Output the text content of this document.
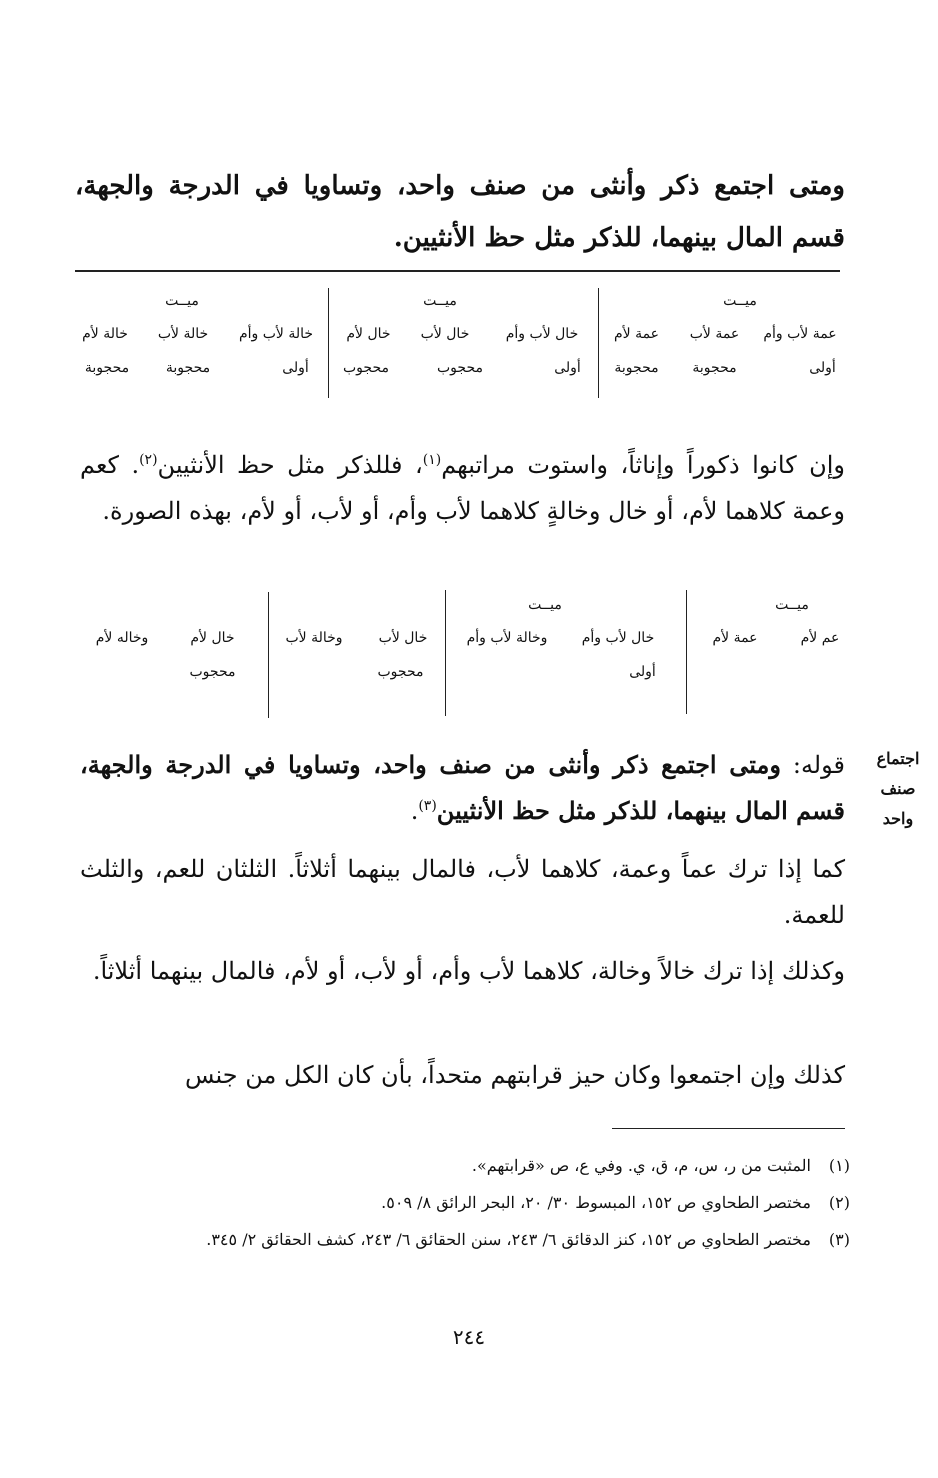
ومتى اجتمع ذكر وأنثى من صنف واحد، وتساويا في الدرجة والجهة، قسم المال بينهما، للذكر مثل حظ الأنثيين.
ميــت
عمة لأب وأم
أولى
عمة لأب
محجوبة
عمة لأم
محجوبة
ميــت
خال لأب وأم
أولى
خال لأب
محجوب
خال لأم
محجوب
ميــت
خالة لأب وأم
أولى
خالة لأب
محجوبة
خالة لأم
محجوبة
وإن كانوا ذكوراً وإناثاً، واستوت مراتبهم$^{(١)}$، فللذكر مثل حظ الأنثيين$^{(٢)}$. كعم وعمة كلاهما لأم، أو خال وخالةٍ كلاهما لأب وأم، أو لأب، أو لأم، بهذه الصورة.
ميــت
عم لأم
عمة لأم
ميــت
خال لأب وأم
وخالة لأب وأم
أولى
خال لأب
وخالة لأب
محجوب
خال لأم
وخاله لأم
محجوب
اجتماع
صنف
واحد
قوله: ومتى اجتمع ذكر وأنثى من صنف واحد، وتساويا في الدرجة والجهة، قسم المال بينهما، للذكر مثل حظ الأنثيين$^{(٣)}$.
كما إذا ترك عماً وعمة، كلاهما لأب، فالمال بينهما أثلاثاً. الثلثان للعم، والثلث للعمة.
وكذلك إذا ترك خالاً وخالة، كلاهما لأب وأم، أو لأب، أو لأم، فالمال بينهما أثلاثاً.
كذلك وإن اجتمعوا وكان حيز قرابتهم متحداً، بأن كان الكل من جنس
(١) المثبت من ر، س، م، ق، ي. وفي ع، ص «قرابتهم».
(٢) مختصر الطحاوي ص ١٥٢، المبسوط ٣٠/ ٢٠، البحر الرائق ٨/ ٥٠٩.
(٣) مختصر الطحاوي ص ١٥٢، كنز الدقائق ٦/ ٢٤٣، سنن الحقائق ٦/ ٢٤٣، كشف الحقائق ٢/ ٣٤٥.
٢٤٤
